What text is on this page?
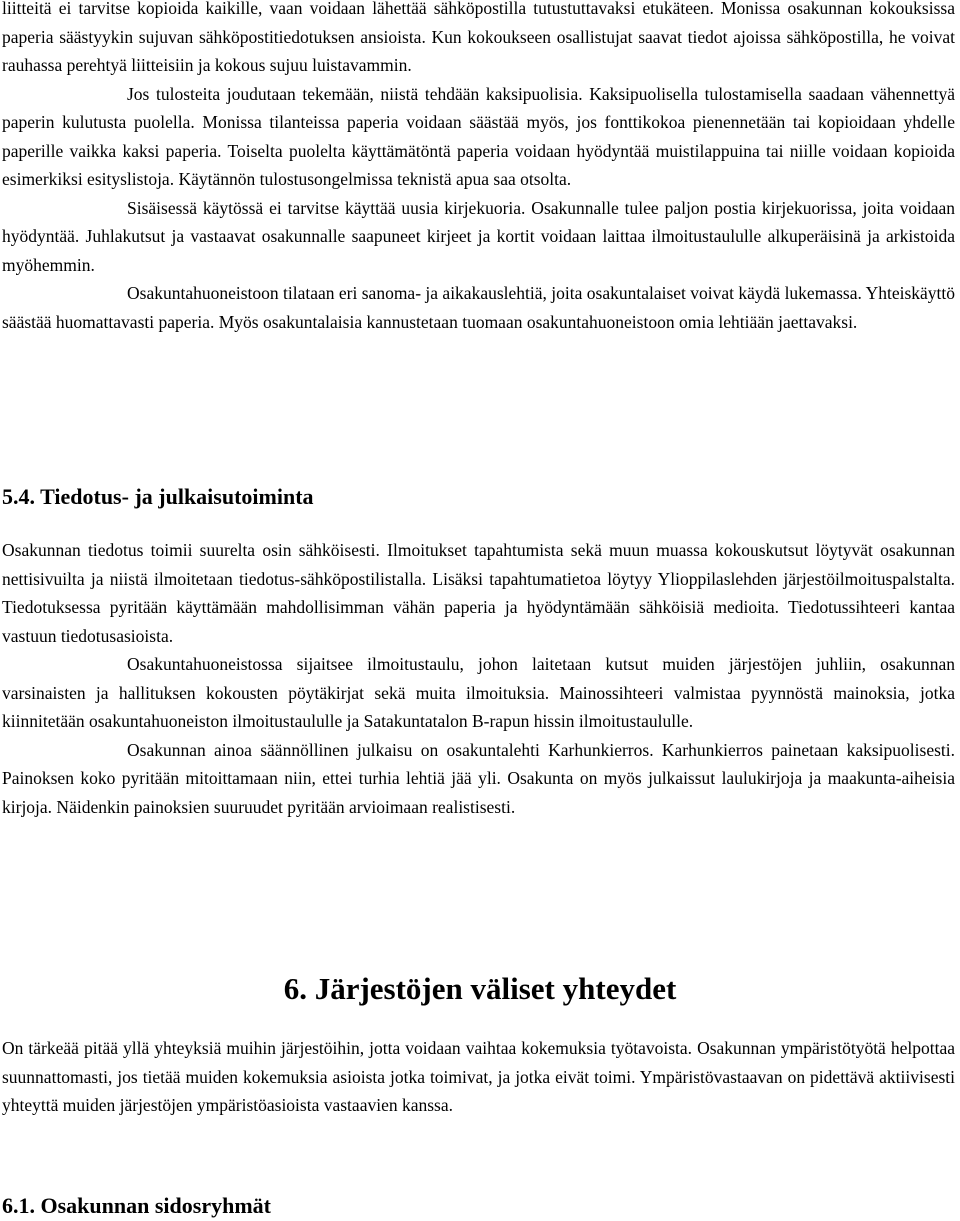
liitteitä ei tarvitse kopioida kaikille, vaan voidaan lähettää sähköpostilla tutustuttavaksi etukäteen. Monissa osakunnan kokouksissa paperia säästyykin sujuvan sähköpostitiedotuksen ansioista. Kun kokoukseen osallistujat saavat tiedot ajoissa sähköpostilla, he voivat rauhassa perehtyä liitteisiin ja kokous sujuu luistavammin.

Jos tulosteita joudutaan tekemään, niistä tehdään kaksipuolisia. Kaksipuolisella tulostamisella saadaan vähennettyä paperin kulutusta puolella. Monissa tilanteissa paperia voidaan säästää myös, jos fonttikokoa pienennetään tai kopioidaan yhdelle paperille vaikka kaksi paperia. Toiselta puolelta käyttämätöntä paperia voidaan hyödyntää muistilappuina tai niille voidaan kopioida esimerkiksi esityslistoja. Käytännön tulostusongelmissa teknistä apua saa otsolta.

Sisäisessä käytössä ei tarvitse käyttää uusia kirjekuoria. Osakunnalle tulee paljon postia kirjekuorissa, joita voidaan hyödyntää. Juhlakutsut ja vastaavat osakunnalle saapuneet kirjeet ja kortit voidaan laittaa ilmoitustaululle alkuperäisinä ja arkistoida myöhemmin.

Osakuntahuoneistoon tilataan eri sanoma- ja aikakauslehtiä, joita osakuntalaiset voivat käydä lukemassa. Yhteiskäyttö säästää huomattavasti paperia. Myös osakuntalaisia kannustetaan tuomaan osakuntahuoneistoon omia lehtiään jaettavaksi.

5.4. Tiedotus- ja julkaisutoiminta

Osakunnan tiedotus toimii suurelta osin sähköisesti. Ilmoitukset tapahtumista sekä muun muassa kokouskutsut löytyvät osakunnan nettisivuilta ja niistä ilmoitetaan tiedotus-sähköpostilistalla. Lisäksi tapahtumatietoa löytyy Ylioppilaslehden järjestöilmoituspalstalta. Tiedotuksessa pyritään käyttämään mahdollisimman vähän paperia ja hyödyntämään sähköisiä medioita. Tiedotussihteeri kantaa vastuun tiedotusasioista.

Osakuntahuoneistossa sijaitsee ilmoitustaulu, johon laitetaan kutsut muiden järjestöjen juhliin, osakunnan varsinaisten ja hallituksen kokousten pöytäkirjat sekä muita ilmoituksia. Mainossihteeri valmistaa pyynnöstä mainoksia, jotka kiinnitetään osakuntahuoneiston ilmoitustaululle ja Satakuntatalon B-rapun hissin ilmoitustaululle.

Osakunnan ainoa säännöllinen julkaisu on osakuntalehti Karhunkierros. Karhunkierros painetaan kaksipuolisesti. Painoksen koko pyritään mitoittamaan niin, ettei turhia lehtiä jää yli. Osakunta on myös julkaissut laulukirjoja ja maakunta-aiheisia kirjoja. Näidenkin painoksien suuruudet pyritään arvioimaan realistisesti.

6. Järjestöjen väliset yhteydet

On tärkeää pitää yllä yhteyksiä muihin järjestöihin, jotta voidaan vaihtaa kokemuksia työtavoista. Osakunnan ympäristötyötä helpottaa suunnattomasti, jos tietää muiden kokemuksia asioista jotka toimivat, ja jotka eivät toimi. Ympäristövastaavan on pidettävä aktiivisesti yhteyttä muiden järjestöjen ympäristöasioista vastaavien kanssa.

6.1. Osakunnan sidosryhmät
